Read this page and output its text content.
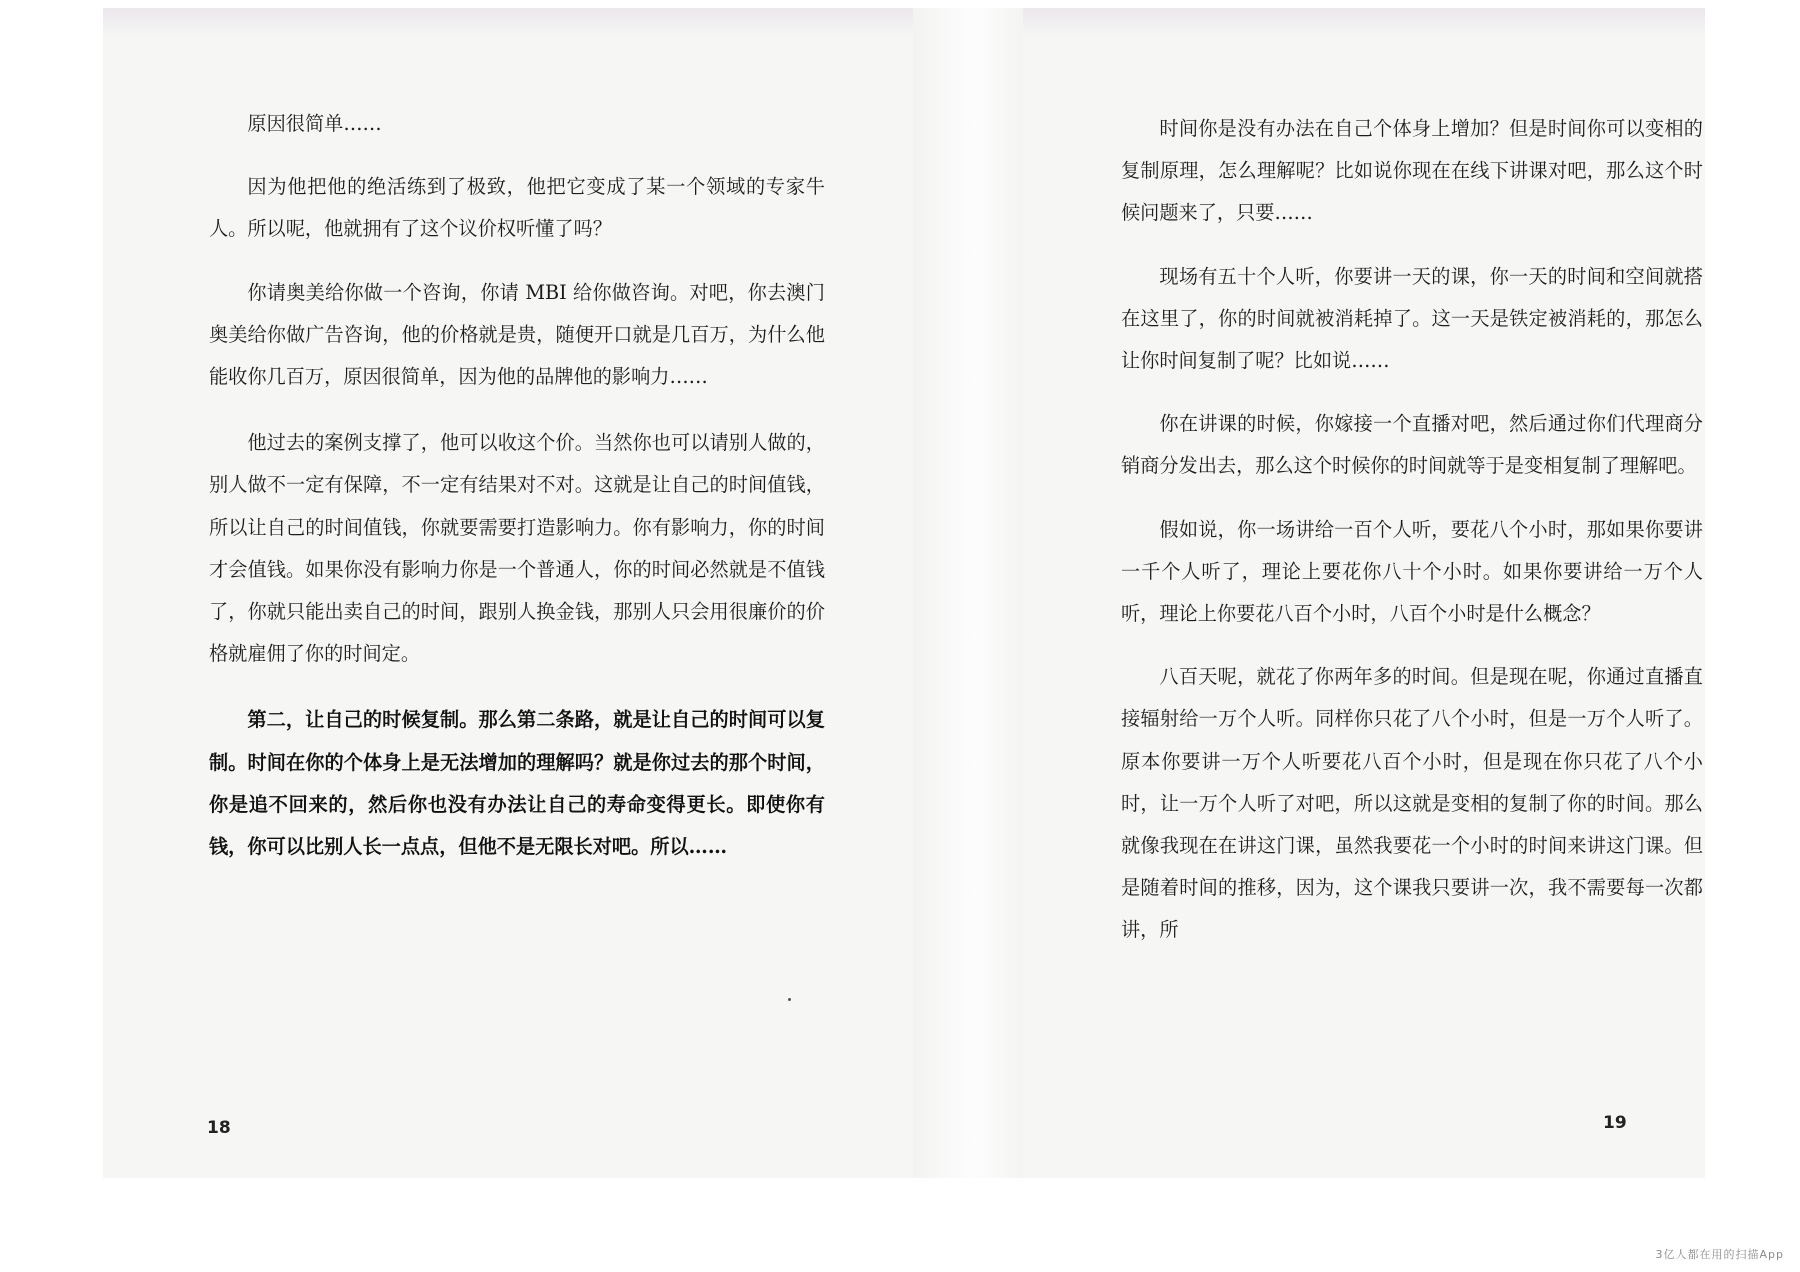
原因很简单……

因为他把他的绝活练到了极致，他把它变成了某一个领域的专家牛人。所以呢，他就拥有了这个议价权听懂了吗？

你请奥美给你做一个咨询，你请 MBI 给你做咨询。对吧，你去澳门奥美给你做广告咨询，他的价格就是贵，随便开口就是几百万，为什么他能收你几百万，原因很简单，因为他的品牌他的影响力……

他过去的案例支撑了，他可以收这个价。当然你也可以请别人做的，别人做不一定有保障，不一定有结果对不对。这就是让自己的时间值钱，所以让自己的时间值钱，你就要需要打造影响力。你有影响力，你的时间才会值钱。如果你没有影响力你是一个普通人，你的时间必然就是不值钱了，你就只能出卖自己的时间，跟别人换金钱，那别人只会用很廉价的价格就雇佣了你的时间定。

第二，让自己的时候复制。那么第二条路，就是让自己的时间可以复制。时间在你的个体身上是无法增加的理解吗？就是你过去的那个时间，你是追不回来的，然后你也没有办法让自己的寿命变得更长。即使你有钱，你可以比别人长一点点，但他不是无限长对吧。所以……

18

时间你是没有办法在自己个体身上增加？但是时间你可以变相的复制原理，怎么理解呢？比如说你现在在线下讲课对吧，那么这个时候问题来了，只要……

现场有五十个人听，你要讲一天的课，你一天的时间和空间就搭在这里了，你的时间就被消耗掉了。这一天是铁定被消耗的，那怎么让你时间复制了呢？比如说……

你在讲课的时候，你嫁接一个直播对吧，然后通过你们代理商分销商分发出去，那么这个时候你的时间就等于是变相复制了理解吧。

假如说，你一场讲给一百个人听，要花八个小时，那如果你要讲一千个人听了，理论上要花你八十个小时。如果你要讲给一万个人听，理论上你要花八百个小时，八百个小时是什么概念？

八百天呢，就花了你两年多的时间。但是现在呢，你通过直播直接辐射给一万个人听。同样你只花了八个小时，但是一万个人听了。原本你要讲一万个人听要花八百个小时，但是现在你只花了八个小时，让一万个人听了对吧，所以这就是变相的复制了你的时间。那么就像我现在在讲这门课，虽然我要花一个小时的时间来讲这门课。但是随着时间的推移，因为，这个课我只要讲一次，我不需要每一次都讲，所

19
3亿人都在用的扫描App
